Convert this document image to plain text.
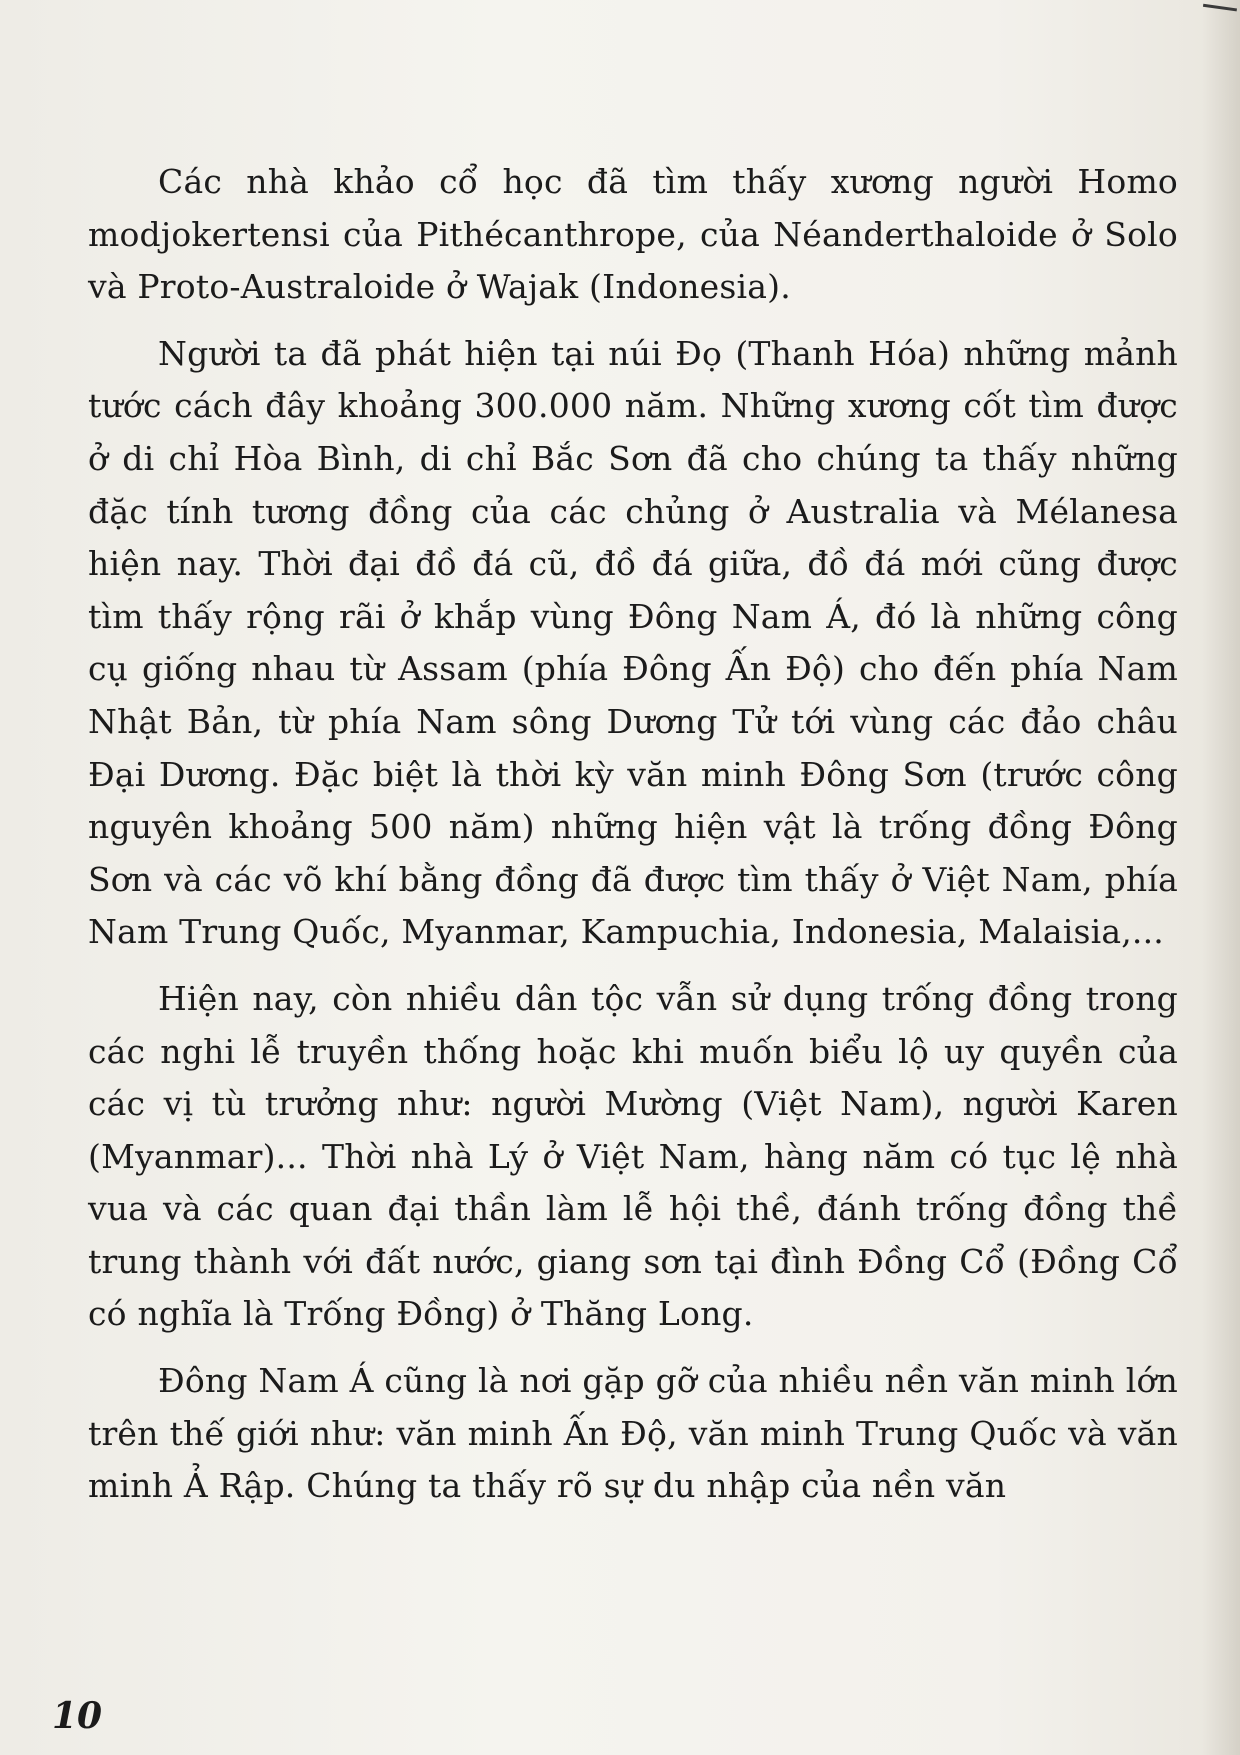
Các nhà khảo cổ học đã tìm thấy xương người Homo modjokertensi của Pithécanthrope, của Néanderthaloide ở Solo và Proto-Australoide ở Wajak (Indonesia).

Người ta đã phát hiện tại núi Đọ (Thanh Hóa) những mảnh tước cách đây khoảng 300.000 năm. Những xương cốt tìm được ở di chỉ Hòa Bình, di chỉ Bắc Sơn đã cho chúng ta thấy những đặc tính tương đồng của các chủng ở Australia và Mélanesa hiện nay. Thời đại đồ đá cũ, đồ đá giữa, đồ đá mới cũng được tìm thấy rộng rãi ở khắp vùng Đông Nam Á, đó là những công cụ giống nhau từ Assam (phía Đông Ấn Độ) cho đến phía Nam Nhật Bản, từ phía Nam sông Dương Tử tới vùng các đảo châu Đại Dương. Đặc biệt là thời kỳ văn minh Đông Sơn (trước công nguyên khoảng 500 năm) những hiện vật là trống đồng Đông Sơn và các võ khí bằng đồng đã được tìm thấy ở Việt Nam, phía Nam Trung Quốc, Myanmar, Kampuchia, Indonesia, Malaisia,...

Hiện nay, còn nhiều dân tộc vẫn sử dụng trống đồng trong các nghi lễ truyền thống hoặc khi muốn biểu lộ uy quyền của các vị tù trưởng như: người Mường (Việt Nam), người Karen (Myanmar)... Thời nhà Lý ở Việt Nam, hàng năm có tục lệ nhà vua và các quan đại thần làm lễ hội thề, đánh trống đồng thề trung thành với đất nước, giang sơn tại đình Đồng Cổ (Đồng Cổ có nghĩa là Trống Đồng) ở Thăng Long.

Đông Nam Á cũng là nơi gặp gỡ của nhiều nền văn minh lớn trên thế giới như: văn minh Ấn Độ, văn minh Trung Quốc và văn minh Ả Rập. Chúng ta thấy rõ sự du nhập của nền văn

10
